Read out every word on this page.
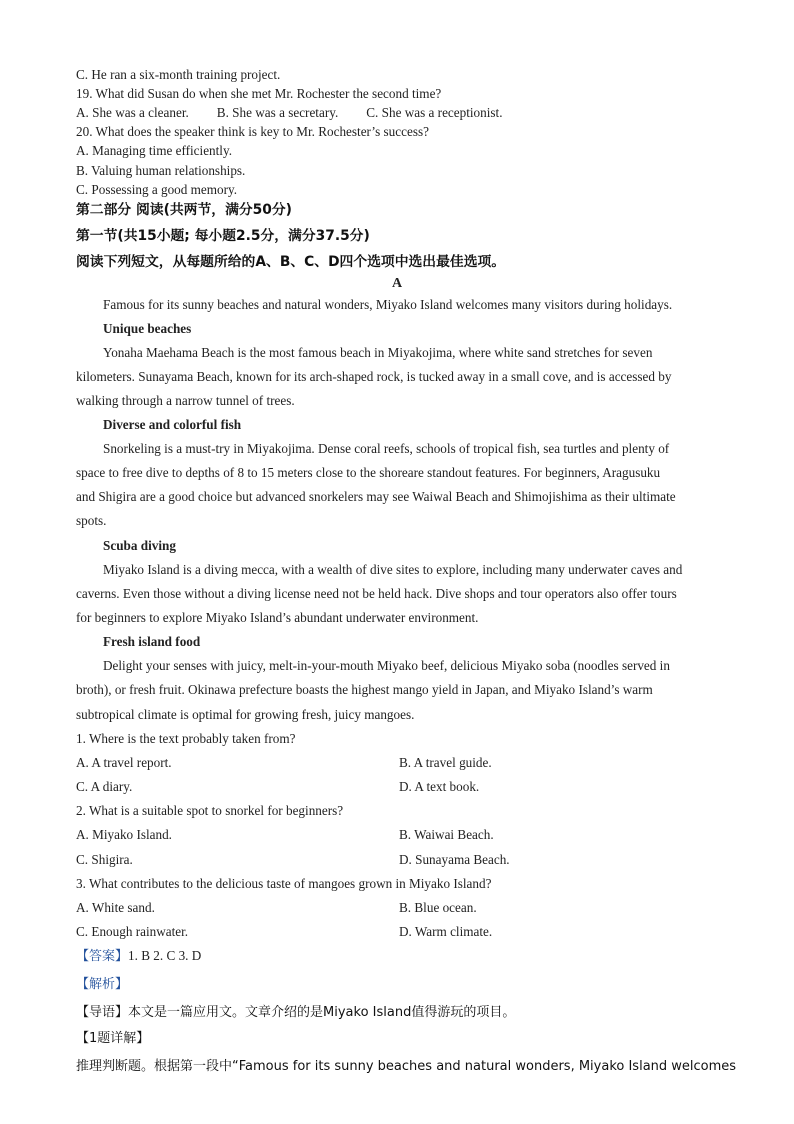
C. He ran a six-month training project.
19. What did Susan do when she met Mr. Rochester the second time?
A. She was a cleaner. B. She was a secretary. C. She was a receptionist.
20. What does the speaker think is key to Mr. Rochester’s success?
A. Managing time efficiently.
B. Valuing human relationships.
C. Possessing a good memory.
第二部分 阅读(共两节，满分50分)
第一节(共15小题; 每小题2.5分，满分37.5分)
阅读下列短文，从每题所给的A、B、C、D四个选项中选出最佳选项。
A
Famous for its sunny beaches and natural wonders, Miyako Island welcomes many visitors during holidays.
Unique beaches
Yonaha Maehama Beach is the most famous beach in Miyakojima, where white sand stretches for seven
kilometers. Sunayama Beach, known for its arch-shaped rock, is tucked away in a small cove, and is accessed by
walking through a narrow tunnel of trees.
Diverse and colorful fish
Snorkeling is a must-try in Miyakojima. Dense coral reefs, schools of tropical fish, sea turtles and plenty of
space to free dive to depths of 8 to 15 meters close to the shoreare standout features. For beginners, Aragusuku
and Shigira are a good choice but advanced snorkelers may see Waiwal Beach and Shimojishima as their ultimate
spots.
Scuba diving
Miyako Island is a diving mecca, with a wealth of dive sites to explore, including many underwater caves and
caverns. Even those without a diving license need not be held hack. Dive shops and tour operators also offer tours
for beginners to explore Miyako Island’s abundant underwater environment.
Fresh island food
Delight your senses with juicy, melt-in-your-mouth Miyako beef, delicious Miyako soba (noodles served in
broth), or fresh fruit. Okinawa prefecture boasts the highest mango yield in Japan, and Miyako Island’s warm
subtropical climate is optimal for growing fresh, juicy mangoes.
1. Where is the text probably taken from?
A. A travel report.	B. A travel guide.
C. A diary.	D. A text book.
2. What is a suitable spot to snorkel for beginners?
A. Miyako Island.	B. Waiwai Beach.
C. Shigira.	D. Sunayama Beach.
3. What contributes to the delicious taste of mangoes grown in Miyako Island?
A. White sand.	B. Blue ocean.
C. Enough rainwater.	D. Warm climate.
【答案】1. B 2. C 3. D
【解析】
【导语】本文是一篇应用文。文章介绍的是Miyako Island值得游玩的项目。
【1题详解】
推理判断题。根据第一段中“Famous for its sunny beaches and natural wonders, Miyako Island welcomes
